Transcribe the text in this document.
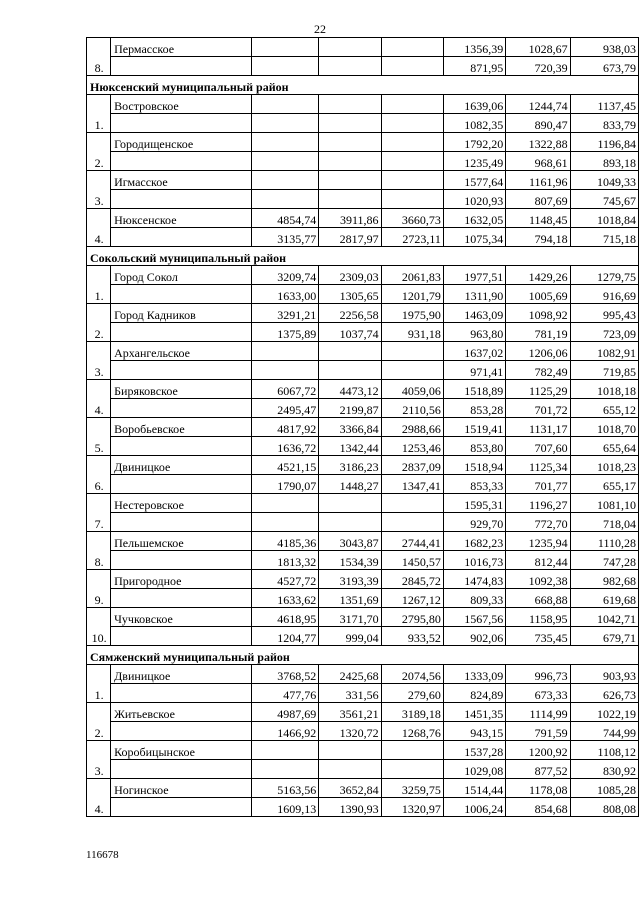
22
8.	Пермасское				1356,39	1028,67	938,03
					871,95	720,39	673,79
Нюксенский муниципальный район							
1.	Востровское				1639,06	1244,74	1137,45
					1082,35	890,47	833,79
2.	Городищенское				1792,20	1322,88	1196,84
					1235,49	968,61	893,18
3.	Игмасское				1577,64	1161,96	1049,33
					1020,93	807,69	745,67
4.	Нюксенское	4854,74	3911,86	3660,73	1632,05	1148,45	1018,84
		3135,77	2817,97	2723,11	1075,34	794,18	715,18
Сокольский муниципальный район							
1.	Город Сокол	3209,74	2309,03	2061,83	1977,51	1429,26	1279,75
		1633,00	1305,65	1201,79	1311,90	1005,69	916,69
2.	Город Кадников	3291,21	2256,58	1975,90	1463,09	1098,92	995,43
		1375,89	1037,74	931,18	963,80	781,19	723,09
3.	Архангельское				1637,02	1206,06	1082,91
					971,41	782,49	719,85
4.	Биряковское	6067,72	4473,12	4059,06	1518,89	1125,29	1018,18
		2495,47	2199,87	2110,56	853,28	701,72	655,12
5.	Воробьевское	4817,92	3366,84	2988,66	1519,41	1131,17	1018,70
		1636,72	1342,44	1253,46	853,80	707,60	655,64
6.	Двиницкое	4521,15	3186,23	2837,09	1518,94	1125,34	1018,23
		1790,07	1448,27	1347,41	853,33	701,77	655,17
7.	Нестеровское				1595,31	1196,27	1081,10
					929,70	772,70	718,04
8.	Пельшемское	4185,36	3043,87	2744,41	1682,23	1235,94	1110,28
		1813,32	1534,39	1450,57	1016,73	812,44	747,28
9.	Пригородное	4527,72	3193,39	2845,72	1474,83	1092,38	982,68
		1633,62	1351,69	1267,12	809,33	668,88	619,68
10.	Чучковское	4618,95	3171,70	2795,80	1567,56	1158,95	1042,71
		1204,77	999,04	933,52	902,06	735,45	679,71
Сямженский муниципальный район							
1.	Двиницкое	3768,52	2425,68	2074,56	1333,09	996,73	903,93
		477,76	331,56	279,60	824,89	673,33	626,73
2.	Житьевское	4987,69	3561,21	3189,18	1451,35	1114,99	1022,19
		1466,92	1320,72	1268,76	943,15	791,59	744,99
3.	Коробицынское				1537,28	1200,92	1108,12
					1029,08	877,52	830,92
4.	Ногинское	5163,56	3652,84	3259,75	1514,44	1178,08	1085,28
		1609,13	1390,93	1320,97	1006,24	854,68	808,08
116678
